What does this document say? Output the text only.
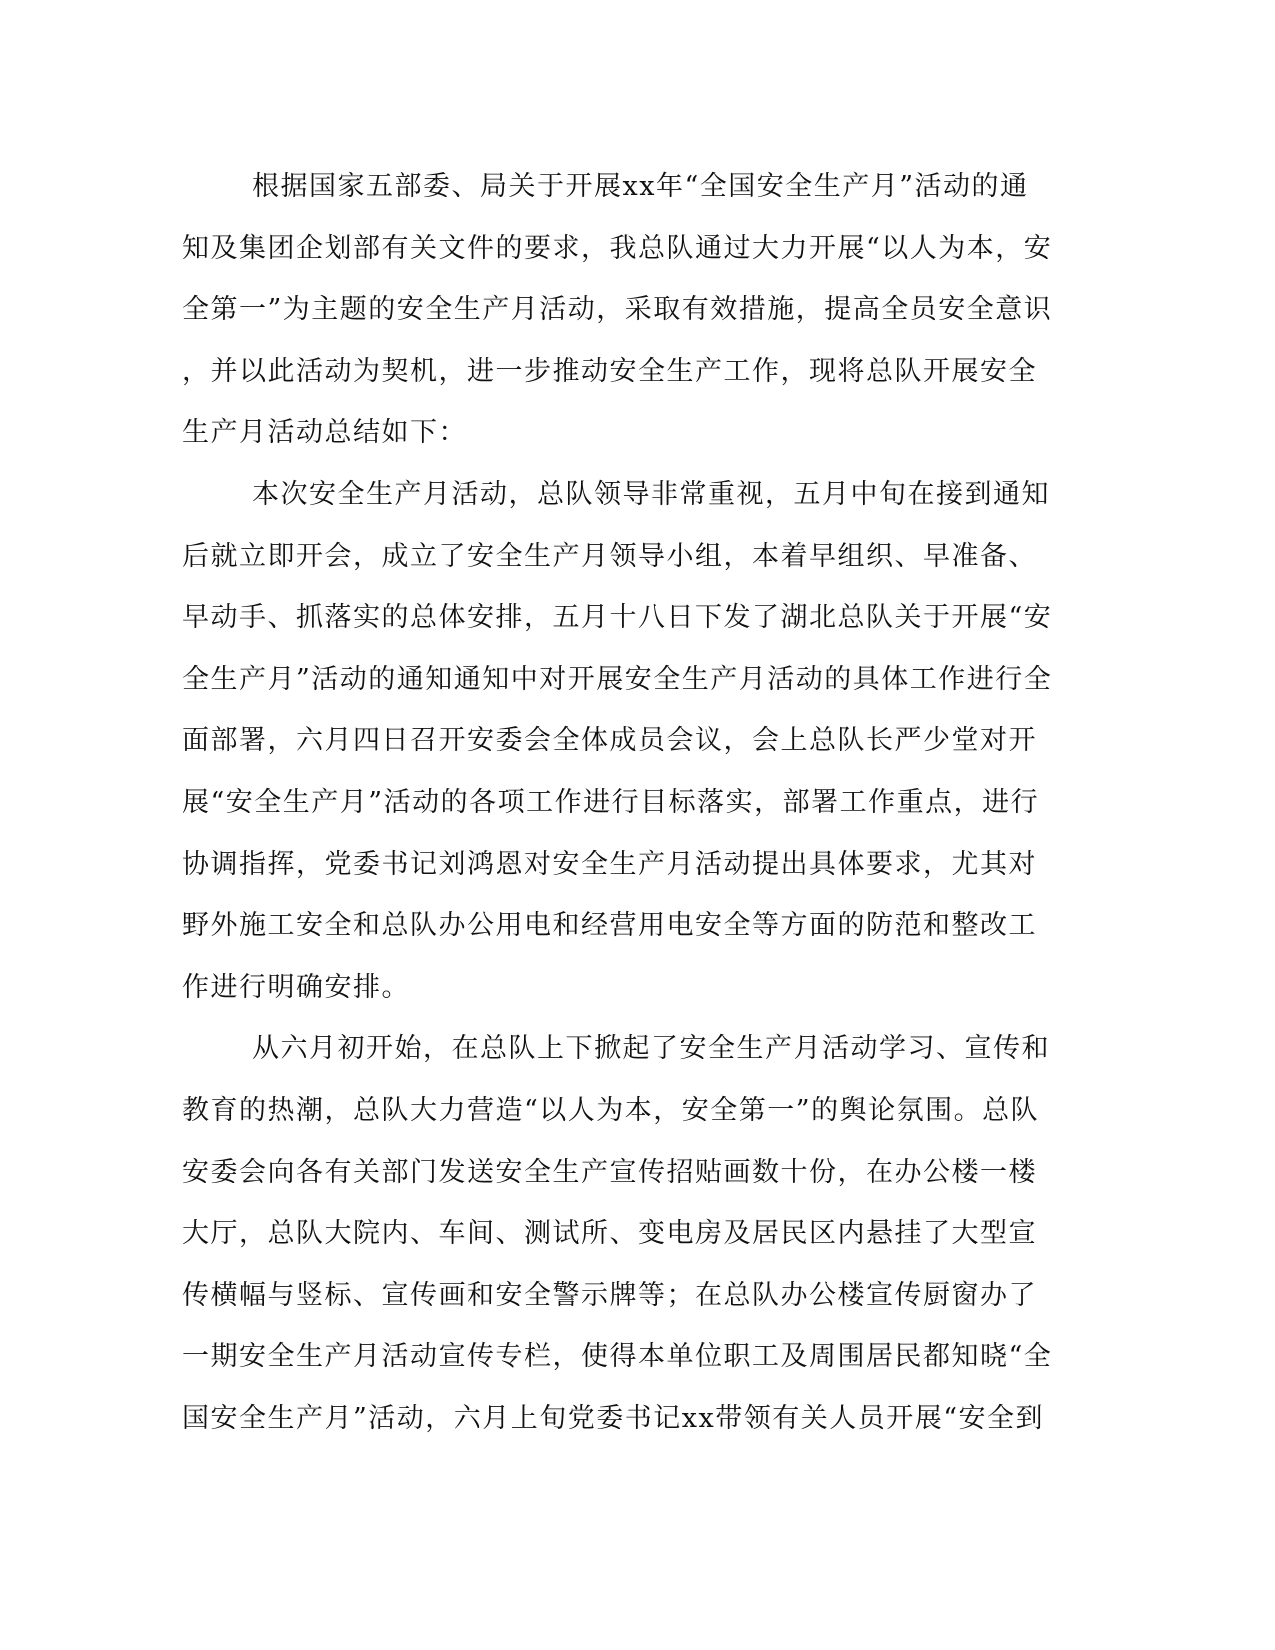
根据国家五部委、局关于开展xx年“全国安全生产月”活动的通
知及集团企划部有关文件的要求，我总队通过大力开展“以人为本，安
全第一”为主题的安全生产月活动，采取有效措施，提高全员安全意识
，并以此活动为契机，进一步推动安全生产工作，现将总队开展安全
生产月活动总结如下：
本次安全生产月活动，总队领导非常重视，五月中旬在接到通知
后就立即开会，成立了安全生产月领导小组，本着早组织、早准备、
早动手、抓落实的总体安排，五月十八日下发了湖北总队关于开展“安
全生产月”活动的通知通知中对开展安全生产月活动的具体工作进行全
面部署，六月四日召开安委会全体成员会议，会上总队长严少堂对开
展“安全生产月”活动的各项工作进行目标落实，部署工作重点，进行
协调指挥，党委书记刘鸿恩对安全生产月活动提出具体要求，尤其对
野外施工安全和总队办公用电和经营用电安全等方面的防范和整改工
作进行明确安排。
从六月初开始，在总队上下掀起了安全生产月活动学习、宣传和
教育的热潮，总队大力营造“以人为本，安全第一”的舆论氛围。总队
安委会向各有关部门发送安全生产宣传招贴画数十份，在办公楼一楼
大厅，总队大院内、车间、测试所、变电房及居民区内悬挂了大型宣
传横幅与竖标、宣传画和安全警示牌等；在总队办公楼宣传厨窗办了
一期安全生产月活动宣传专栏，使得本单位职工及周围居民都知晓“全
国安全生产月”活动，六月上旬党委书记xx带领有关人员开展“安全到
